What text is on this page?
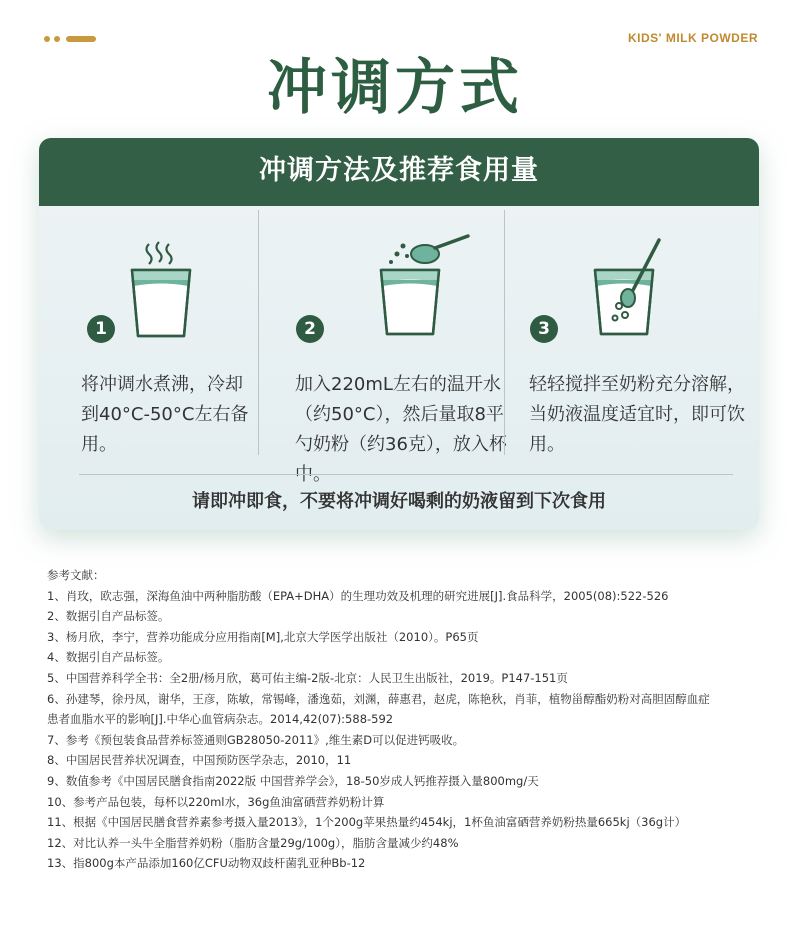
KIDS' MILK POWDER
冲调方式
冲调方法及推荐食用量
1
将冲调水煮沸，冷却到40°C-50°C左右备用。
2
加入220mL左右的温开水（约50°C），然后量取8平勺奶粉（约36克），放入杯中。
3
轻轻搅拌至奶粉充分溶解，当奶液温度适宜时，即可饮用。
请即冲即食，不要将冲调好喝剩的奶液留到下次食用
参考文献：
1、肖玫，欧志强，深海鱼油中两种脂肪酸（EPA+DHA）的生理功效及机理的研究进展[J].食品科学，2005(08):522-526
2、数据引自产品标签。
3、杨月欣，李宁，营养功能成分应用指南[M],北京大学医学出版社（2010）。P65页
4、数据引自产品标签。
5、中国营养科学全书：全2册/杨月欣，葛可佑主编-2版-北京：人民卫生出版社，2019。P147-151页
6、孙建琴，徐丹凤，谢华，王彦，陈敏，常锡峰，潘逸茹，刘渊，薛惠君，赵虎，陈艳秋，肖菲，植物甾醇酯奶粉对高胆固醇血症
患者血脂水平的影响[J].中华心血管病杂志。2014,42(07):588-592
7、参考《预包装食品营养标签通则GB28050-2011》,维生素D可以促进钙吸收。
8、中国居民营养状况调查，中国预防医学杂志，2010，11
9、数值参考《中国居民膳食指南2022版 中国营养学会》，18-50岁成人钙推荐摄入量800mg/天
10、参考产品包装，每杯以220ml水，36g鱼油富硒营养奶粉计算
11、根据《中国居民膳食营养素参考摄入量2013》，1个200g苹果热量约454kj，1杯鱼油富硒营养奶粉热量665kj（36g计）
12、对比认养一头牛全脂营养奶粉（脂肪含量29g/100g），脂肪含量减少约48%
13、指800g本产品添加160亿CFU动物双歧杆菌乳亚种Bb-12
